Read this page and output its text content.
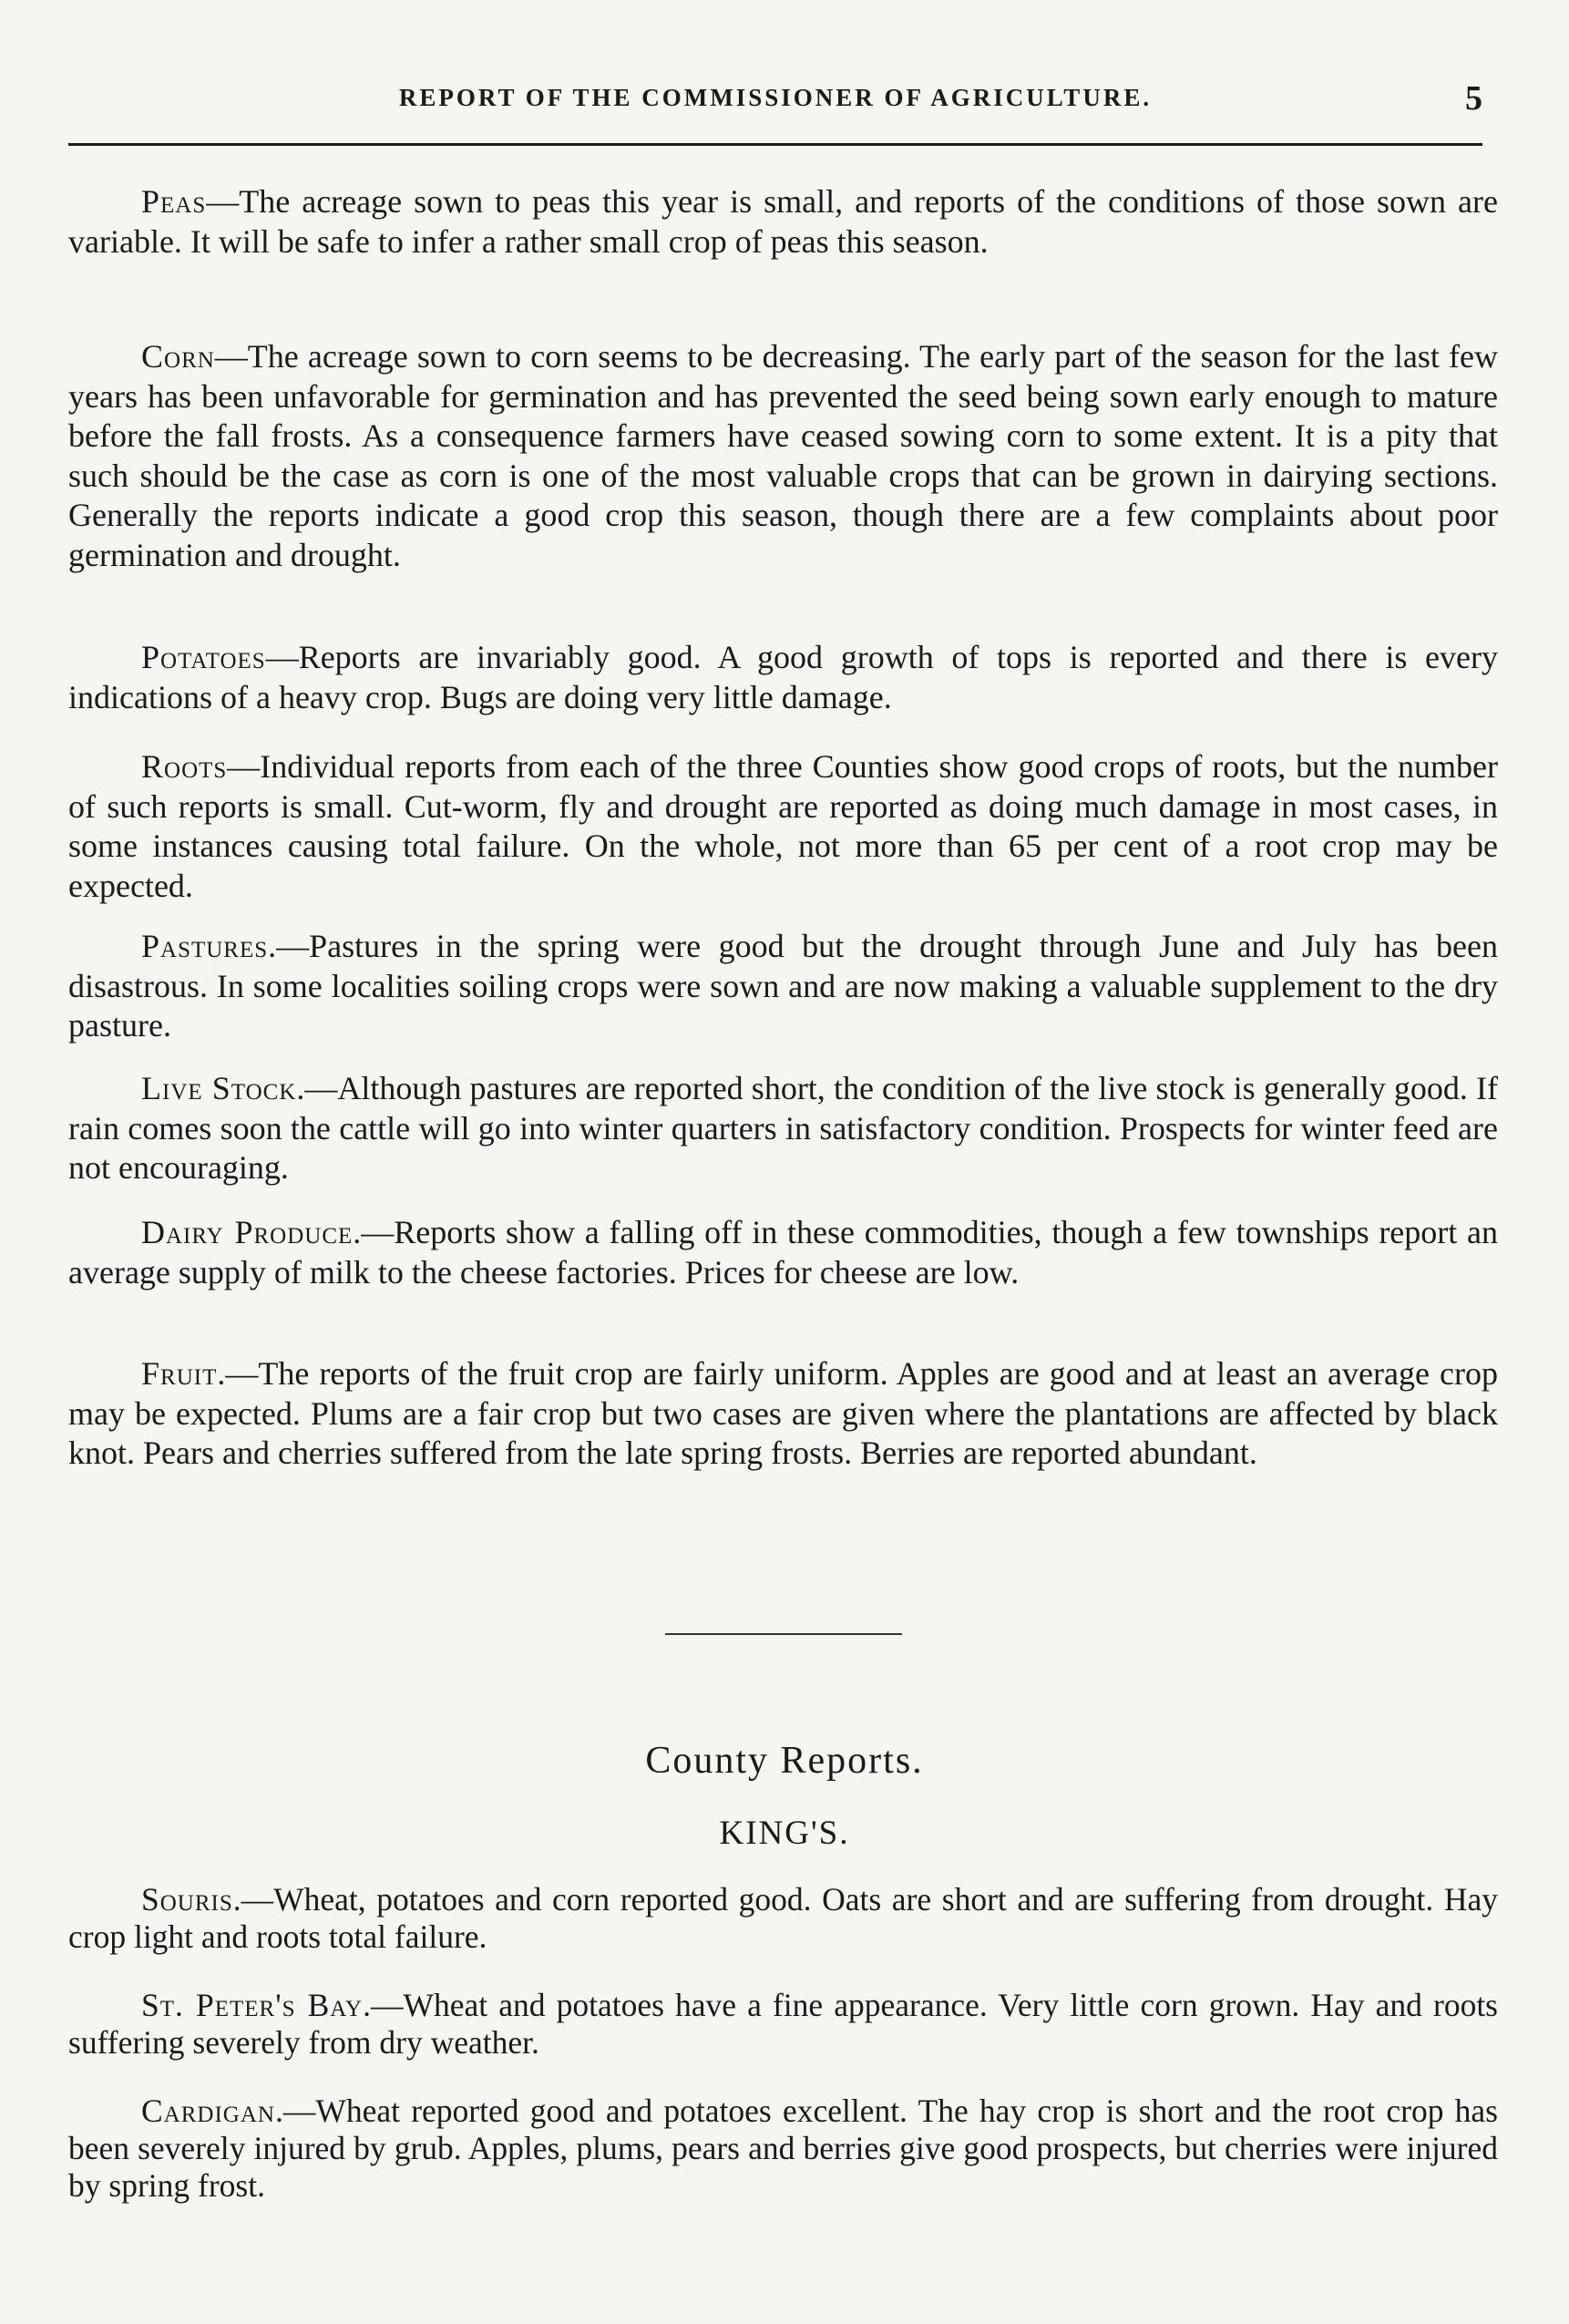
REPORT OF THE COMMISSIONER OF AGRICULTURE.	5

Peas—The acreage sown to peas this year is small, and reports of the conditions of those sown are variable. It will be safe to infer a rather small crop of peas this season.

Corn—The acreage sown to corn seems to be decreasing. The early part of the season for the last few years has been unfavorable for germination and has prevented the seed being sown early enough to mature before the fall frosts. As a consequence farmers have ceased sowing corn to some extent. It is a pity that such should be the case as corn is one of the most valuable crops that can be grown in dairying sections. Generally the reports indicate a good crop this season, though there are a few complaints about poor germination and drought.

Potatoes—Reports are invariably good. A good growth of tops is reported and there is every indications of a heavy crop. Bugs are doing very little damage.

Roots—Individual reports from each of the three Counties show good crops of roots, but the number of such reports is small. Cut-worm, fly and drought are reported as doing much damage in most cases, in some instances causing total failure. On the whole, not more than 65 per cent of a root crop may be expected.

Pastures.—Pastures in the spring were good but the drought through June and July has been disastrous. In some localities soiling crops were sown and are now making a valuable supplement to the dry pasture.

Live Stock.—Although pastures are reported short, the condition of the live stock is generally good. If rain comes soon the cattle will go into winter quarters in satisfactory condition. Prospects for winter feed are not encouraging.

Dairy Produce.—Reports show a falling off in these commodities, though a few townships report an average supply of milk to the cheese factories. Prices for cheese are low.

Fruit.—The reports of the fruit crop are fairly uniform. Apples are good and at least an average crop may be expected. Plums are a fair crop but two cases are given where the plantations are affected by black knot. Pears and cherries suffered from the late spring frosts. Berries are reported abundant.

County Reports.
KING'S.

Souris.—Wheat, potatoes and corn reported good. Oats are short and are suffering from drought. Hay crop light and roots total failure.

St. Peter's Bay.—Wheat and potatoes have a fine appearance. Very little corn grown. Hay and roots suffering severely from dry weather.

Cardigan.—Wheat reported good and potatoes excellent. The hay crop is short and the root crop has been severely injured by grub. Apples, plums, pears and berries give good prospects, but cherries were injured by spring frost.
